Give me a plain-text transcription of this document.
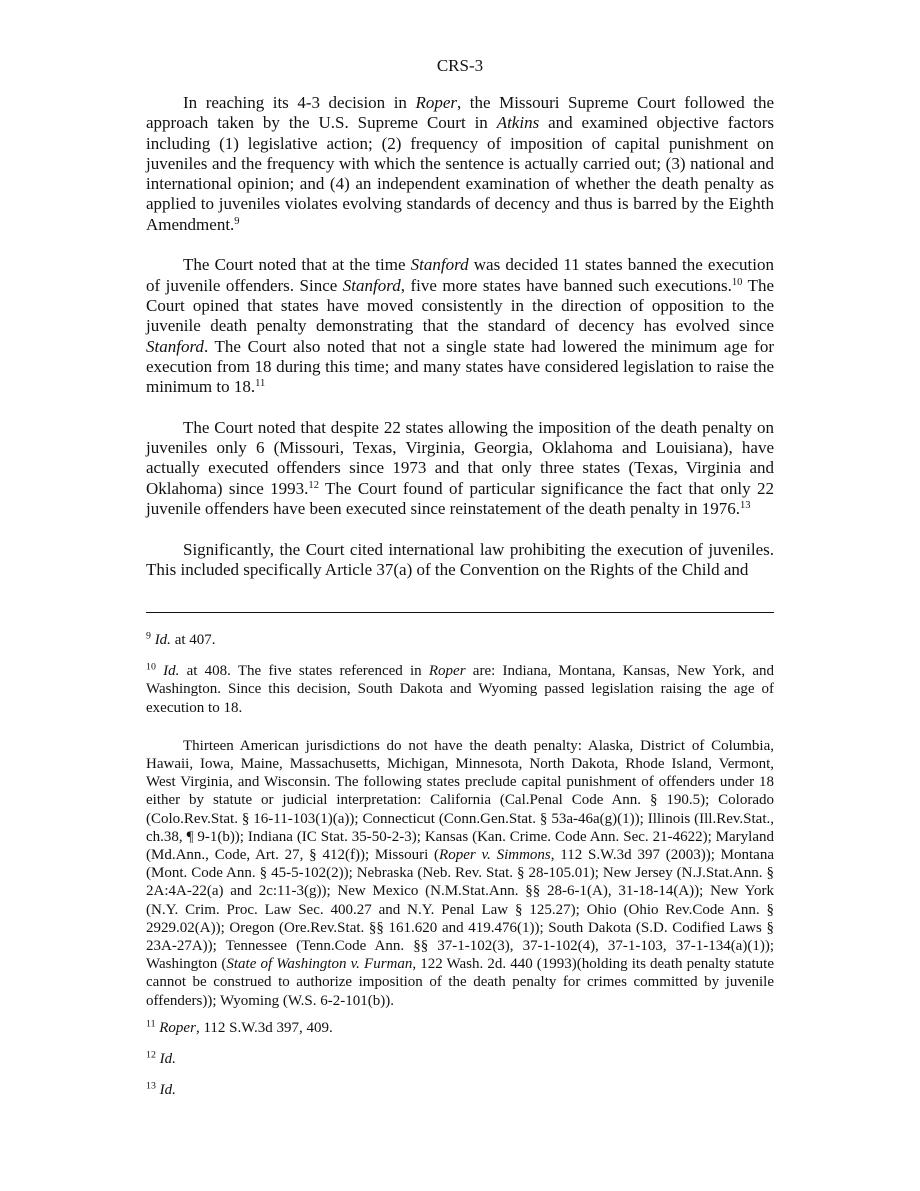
CRS-3

In reaching its 4-3 decision in Roper, the Missouri Supreme Court followed the approach taken by the U.S. Supreme Court in Atkins and examined objective factors including (1) legislative action; (2) frequency of imposition of capital punishment on juveniles and the frequency with which the sentence is actually carried out; (3) national and international opinion; and (4) an independent examination of whether the death penalty as applied to juveniles violates evolving standards of decency and thus is barred by the Eighth Amendment.$^9$

The Court noted that at the time Stanford was decided 11 states banned the execution of juvenile offenders. Since Stanford, five more states have banned such executions.$^{10}$ The Court opined that states have moved consistently in the direction of opposition to the juvenile death penalty demonstrating that the standard of decency has evolved since Stanford. The Court also noted that not a single state had lowered the minimum age for execution from 18 during this time; and many states have considered legislation to raise the minimum to 18.11

The Court noted that despite 22 states allowing the imposition of the death penalty on juveniles only 6 (Missouri, Texas, Virginia, Georgia, Oklahoma and Louisiana), have actually executed offenders since 1973 and that only three states (Texas, Virginia and Oklahoma) since 1993.12 The Court found of particular significance the fact that only 22 juvenile offenders have been executed since reinstatement of the death penalty in 1976.13

Significantly, the Court cited international law prohibiting the execution of juveniles. This included specifically Article 37(a) of the Convention on the Rights of the Child and

$^9$ Id. at 407.
$^{10}$ Id. at 408. The five states referenced in Roper are: Indiana, Montana, Kansas, New York, and Washington. Since this decision, South Dakota and Wyoming passed legislation raising the age of execution to 18.
Thirteen American jurisdictions do not have the death penalty: Alaska, District of Columbia, Hawaii, Iowa, Maine, Massachusetts, Michigan, Minnesota, North Dakota, Rhode Island, Vermont, West Virginia, and Wisconsin. The following states preclude capital punishment of offenders under 18 either by statute or judicial interpretation: California (Cal.Penal Code Ann. § 190.5); Colorado (Colo.Rev.Stat. § 16-11-103(1)(a)); Connecticut (Conn.Gen.Stat. § 53a-46a(g)(1)); Illinois (Ill.Rev.Stat., ch.38, ¶ 9-1(b)); Indiana (IC Stat. 35-50-2-3); Kansas (Kan. Crime. Code Ann. Sec. 21-4622); Maryland (Md.Ann., Code, Art. 27, § 412(f)); Missouri (Roper v. Simmons, 112 S.W.3d 397 (2003)); Montana (Mont. Code Ann. § 45-5-102(2)); Nebraska (Neb. Rev. Stat. § 28-105.01); New Jersey (N.J.Stat.Ann. § 2A:4A-22(a) and 2c:11-3(g)); New Mexico (N.M.Stat.Ann. §§ 28-6-1(A), 31-18-14(A)); New York (N.Y. Crim. Proc. Law Sec. 400.27 and N.Y. Penal Law § 125.27); Ohio (Ohio Rev.Code Ann. § 2929.02(A)); Oregon (Ore.Rev.Stat. §§ 161.620 and 419.476(1)); South Dakota (S.D. Codified Laws § 23A-27A)); Tennessee (Tenn.Code Ann. §§ 37-1-102(3), 37-1-102(4), 37-1-103, 37-1-134(a)(1)); Washington (State of Washington v. Furman, 122 Wash. 2d. 440 (1993)(holding its death penalty statute cannot be construed to authorize imposition of the death penalty for crimes committed by juvenile offenders)); Wyoming (W.S. 6-2-101(b)).
$^{11}$ Roper, 112 S.W.3d 397, 409.
$^{12}$ Id.
$^{13}$ Id.
